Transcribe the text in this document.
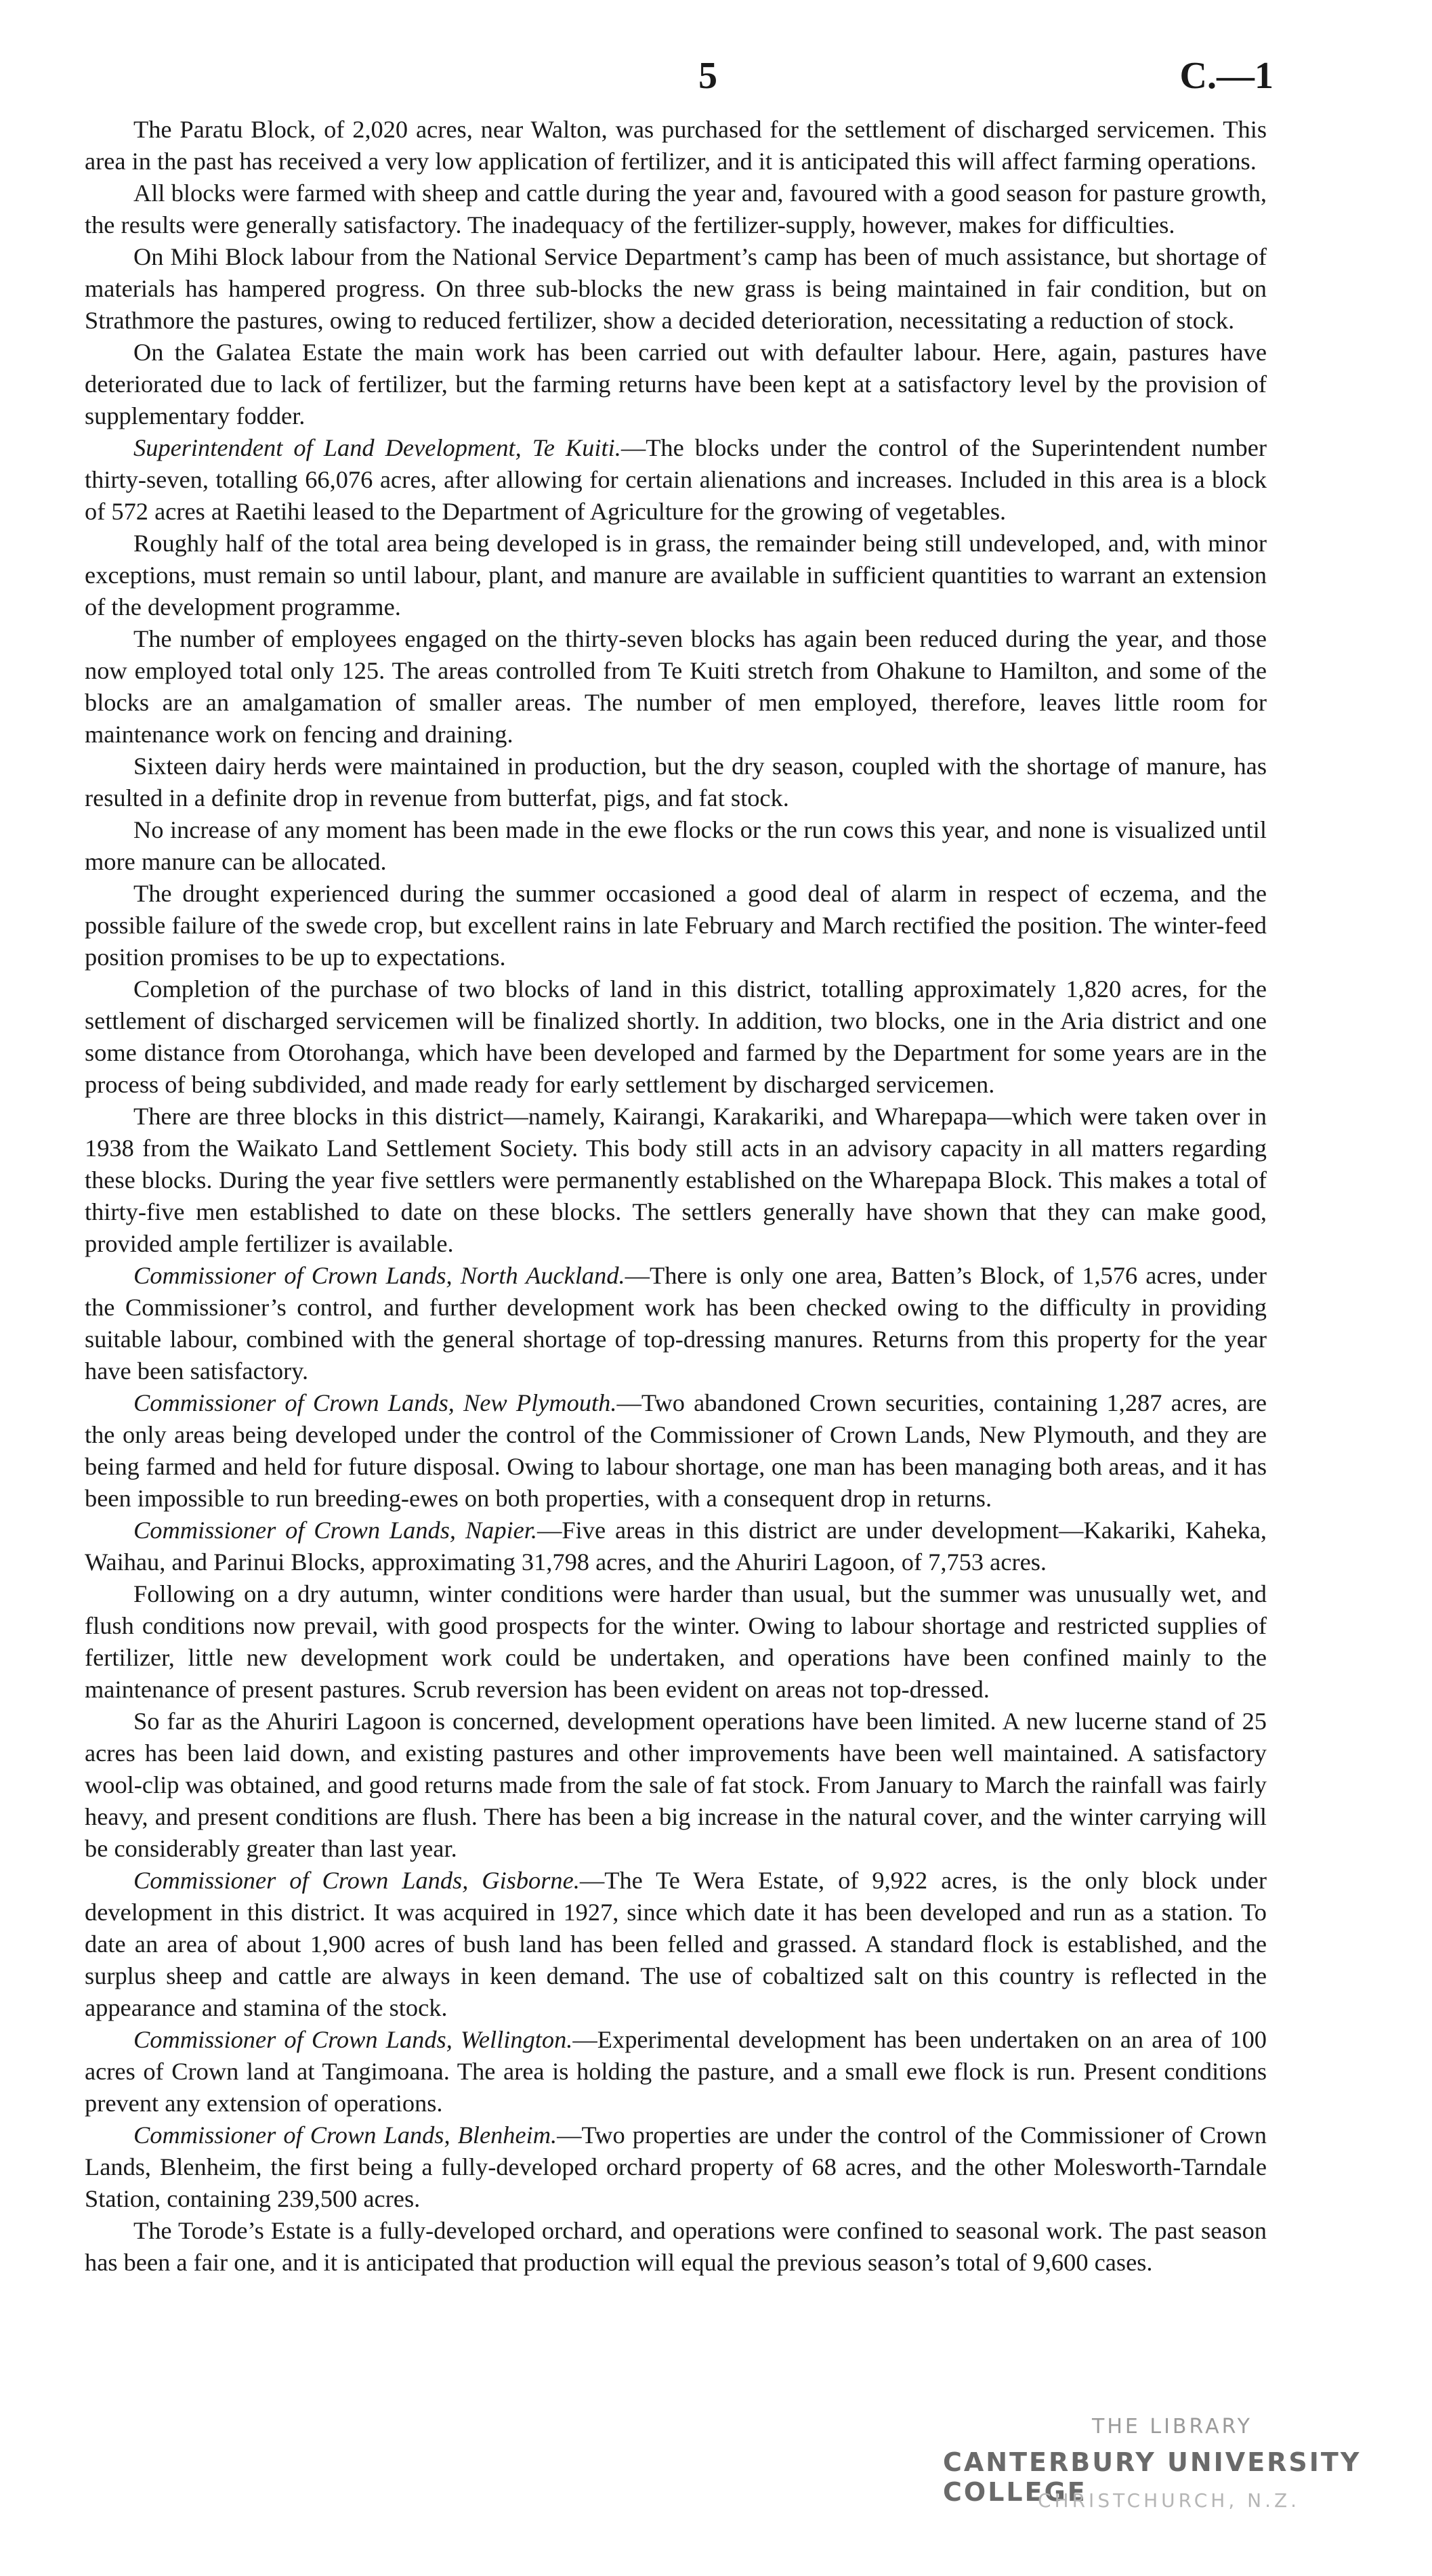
5	C.—1

The Paratu Block, of 2,020 acres, near Walton, was purchased for the settlement of discharged servicemen. This area in the past has received a very low application of fertilizer, and it is anticipated this will affect farming operations.

All blocks were farmed with sheep and cattle during the year and, favoured with a good season for pasture growth, the results were generally satisfactory. The inadequacy of the fertilizer-supply, however, makes for difficulties.

On Mihi Block labour from the National Service Department’s camp has been of much assistance, but shortage of materials has hampered progress. On three sub-blocks the new grass is being maintained in fair condition, but on Strathmore the pastures, owing to reduced fertilizer, show a decided deterioration, necessitating a reduction of stock.

On the Galatea Estate the main work has been carried out with defaulter labour. Here, again, pastures have deteriorated due to lack of fertilizer, but the farming returns have been kept at a satisfactory level by the provision of supplementary fodder.

Superintendent of Land Development, Te Kuiti.—The blocks under the control of the Superintendent number thirty-seven, totalling 66,076 acres, after allowing for certain alienations and increases. Included in this area is a block of 572 acres at Raetihi leased to the Department of Agriculture for the growing of vegetables.

Roughly half of the total area being developed is in grass, the remainder being still undeveloped, and, with minor exceptions, must remain so until labour, plant, and manure are available in sufficient quantities to warrant an extension of the development programme.

The number of employees engaged on the thirty-seven blocks has again been reduced during the year, and those now employed total only 125. The areas controlled from Te Kuiti stretch from Ohakune to Hamilton, and some of the blocks are an amalgamation of smaller areas. The number of men employed, therefore, leaves little room for maintenance work on fencing and draining.

Sixteen dairy herds were maintained in production, but the dry season, coupled with the shortage of manure, has resulted in a definite drop in revenue from butterfat, pigs, and fat stock.

No increase of any moment has been made in the ewe flocks or the run cows this year, and none is visualized until more manure can be allocated.

The drought experienced during the summer occasioned a good deal of alarm in respect of eczema, and the possible failure of the swede crop, but excellent rains in late February and March rectified the position. The winter-feed position promises to be up to expectations.

Completion of the purchase of two blocks of land in this district, totalling approximately 1,820 acres, for the settlement of discharged servicemen will be finalized shortly. In addition, two blocks, one in the Aria district and one some distance from Otorohanga, which have been developed and farmed by the Department for some years are in the process of being subdivided, and made ready for early settlement by discharged servicemen.

There are three blocks in this district—namely, Kairangi, Karakariki, and Wharepapa—which were taken over in 1938 from the Waikato Land Settlement Society. This body still acts in an advisory capacity in all matters regarding these blocks. During the year five settlers were permanently established on the Wharepapa Block. This makes a total of thirty-five men established to date on these blocks. The settlers generally have shown that they can make good, provided ample fertilizer is available.

Commissioner of Crown Lands, North Auckland.—There is only one area, Batten’s Block, of 1,576 acres, under the Commissioner’s control, and further development work has been checked owing to the difficulty in providing suitable labour, combined with the general shortage of top-dressing manures. Returns from this property for the year have been satisfactory.

Commissioner of Crown Lands, New Plymouth.—Two abandoned Crown securities, containing 1,287 acres, are the only areas being developed under the control of the Commissioner of Crown Lands, New Plymouth, and they are being farmed and held for future disposal. Owing to labour shortage, one man has been managing both areas, and it has been impossible to run breeding-ewes on both properties, with a consequent drop in returns.

Commissioner of Crown Lands, Napier.—Five areas in this district are under development—Kakariki, Kaheka, Waihau, and Parinui Blocks, approximating 31,798 acres, and the Ahuriri Lagoon, of 7,753 acres.

Following on a dry autumn, winter conditions were harder than usual, but the summer was unusually wet, and flush conditions now prevail, with good prospects for the winter. Owing to labour shortage and restricted supplies of fertilizer, little new development work could be undertaken, and operations have been confined mainly to the maintenance of present pastures. Scrub reversion has been evident on areas not top-dressed.

So far as the Ahuriri Lagoon is concerned, development operations have been limited. A new lucerne stand of 25 acres has been laid down, and existing pastures and other improvements have been well maintained. A satisfactory wool-clip was obtained, and good returns made from the sale of fat stock. From January to March the rainfall was fairly heavy, and present conditions are flush. There has been a big increase in the natural cover, and the winter carrying will be considerably greater than last year.

Commissioner of Crown Lands, Gisborne.—The Te Wera Estate, of 9,922 acres, is the only block under development in this district. It was acquired in 1927, since which date it has been developed and run as a station. To date an area of about 1,900 acres of bush land has been felled and grassed. A standard flock is established, and the surplus sheep and cattle are always in keen demand. The use of cobaltized salt on this country is reflected in the appearance and stamina of the stock.

Commissioner of Crown Lands, Wellington.—Experimental development has been undertaken on an area of 100 acres of Crown land at Tangimoana. The area is holding the pasture, and a small ewe flock is run. Present conditions prevent any extension of operations.

Commissioner of Crown Lands, Blenheim.—Two properties are under the control of the Commissioner of Crown Lands, Blenheim, the first being a fully-developed orchard property of 68 acres, and the other Molesworth-Tarndale Station, containing 239,500 acres.

The Torode’s Estate is a fully-developed orchard, and operations were confined to seasonal work. The past season has been a fair one, and it is anticipated that production will equal the previous season’s total of 9,600 cases.

THE LIBRARY
CANTERBURY UNIVERSITY COLLEGE
CHRISTCHURCH, N.Z.
